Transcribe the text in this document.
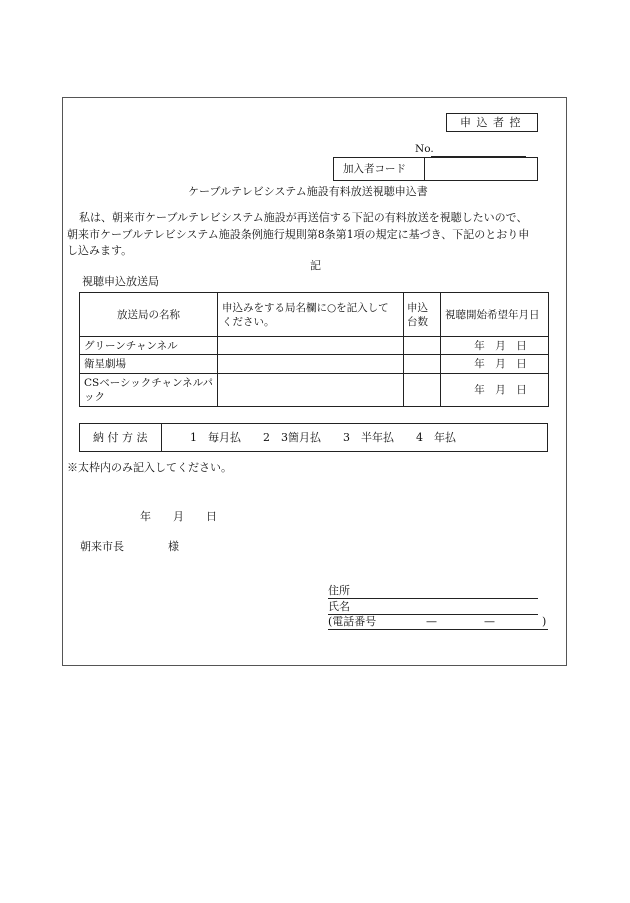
申 込 者 控
No.
加入者コード
ケーブルテレビシステム施設有料放送視聴申込書
私は、朝来市ケーブルテレビシステム施設が再送信する下記の有料放送を視聴したいので、
朝来市ケーブルテレビシステム施設条例施行規則第8条第1項の規定に基づき、下記のとおり申
し込みます。
記
視聴申込放送局
放送局の名称	申込みをする局名欄に○を記入してください。	申込台数	視聴開始希望年月日
グリーンチャンネル			年　月　日
衛星劇場			年　月　日
CSベーシックチャンネルパック			年　月　日
納 付 方 法	1　毎月払　　2　3箇月払　　3　半年払　　4　年払
※太枠内のみ記入してください。
年　　月　　日
朝来市長　　　　様
住所
氏名
(電話番号	—	—	)
